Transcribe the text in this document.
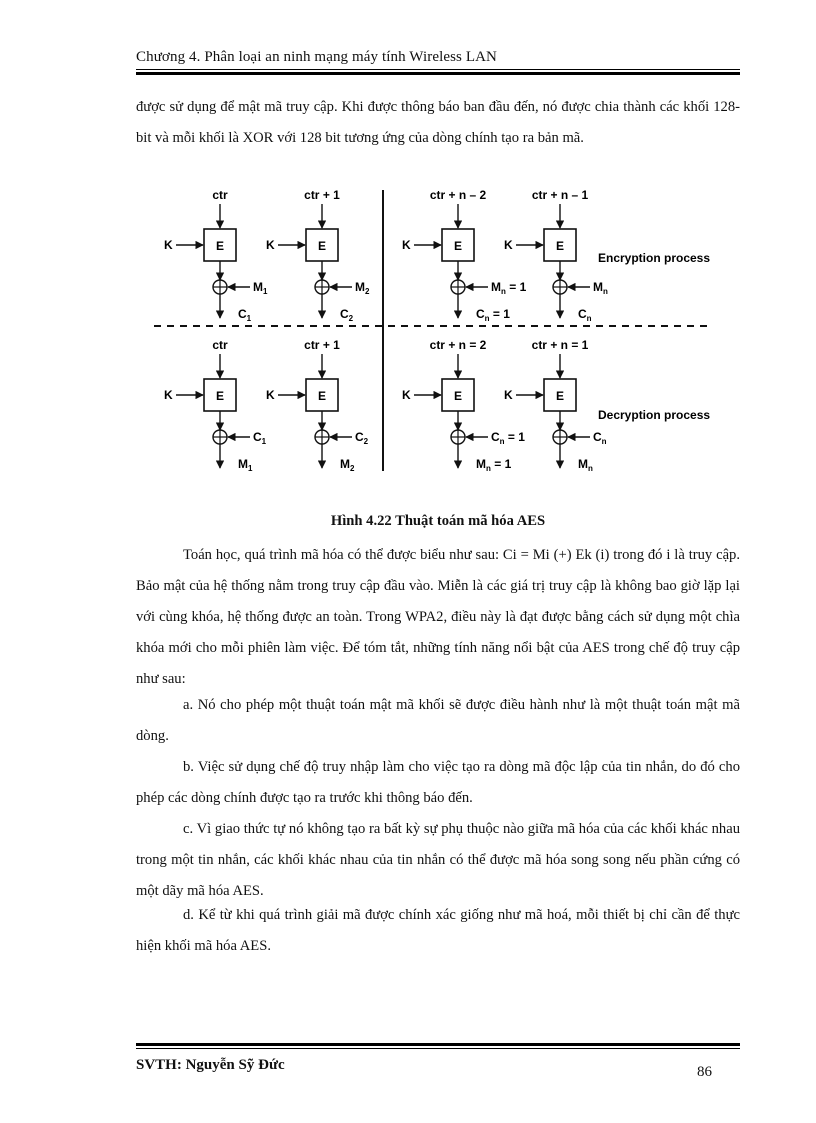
Chương 4. Phân loại an ninh mạng máy tính Wireless LAN

được sử dụng để mật mã truy cập. Khi được thông báo ban đầu đến, nó được chia thành các khối 128-bit và mỗi khối là XOR với 128 bit tương ứng của dòng chính tạo ra bản mã.

Encryption process
Decryption process
ctr
E
K
$M_1$
$C_1$
ctr + 1
E
K
$M_2$
$C_2$
ctr + n – 2
E
K
$M_n = 1$
$C_n = 1$
ctr + n – 1
E
K
$M_n$
$C_n$
ctr
E
K
$C_1$
$M_1$
ctr + 1
E
K
$C_2$
$M_2$
ctr + n = 2
E
K
$C_n = 1$
$M_n = 1$
ctr + n = 1
E
K
$C_n$
$M_n$
Hình 4.22 Thuật toán mã hóa AES

Toán học, quá trình mã hóa có thể được biểu như sau: Ci = Mi (+) Ek (i) trong đó i là truy cập. Bảo mật của hệ thống nằm trong truy cập đầu vào. Miễn là các giá trị truy cập là không bao giờ lặp lại với cùng khóa, hệ thống được an toàn. Trong WPA2, điều này là đạt được bằng cách sử dụng một chìa khóa mới cho mỗi phiên làm việc. Để tóm tắt, những tính năng nổi bật của AES trong chế độ truy cập như sau:

a. Nó cho phép một thuật toán mật mã khối sẽ được điều hành như là một thuật toán mật mã dòng.

b. Việc sử dụng chế độ truy nhập làm cho việc tạo ra dòng mã độc lập của tin nhắn, do đó cho phép các dòng chính được tạo ra trước khi thông báo đến.

c. Vì giao thức tự nó không tạo ra bất kỳ sự phụ thuộc nào giữa mã hóa của các khối khác nhau trong một tin nhắn, các khối khác nhau của tin nhắn có thể được mã hóa song song nếu phần cứng có một dãy mã hóa AES.

d. Kể từ khi quá trình giải mã được chính xác giống như mã hoá, mỗi thiết bị chỉ cần để thực hiện khối mã hóa AES.

SVTH: Nguyễn Sỹ Đức	86
